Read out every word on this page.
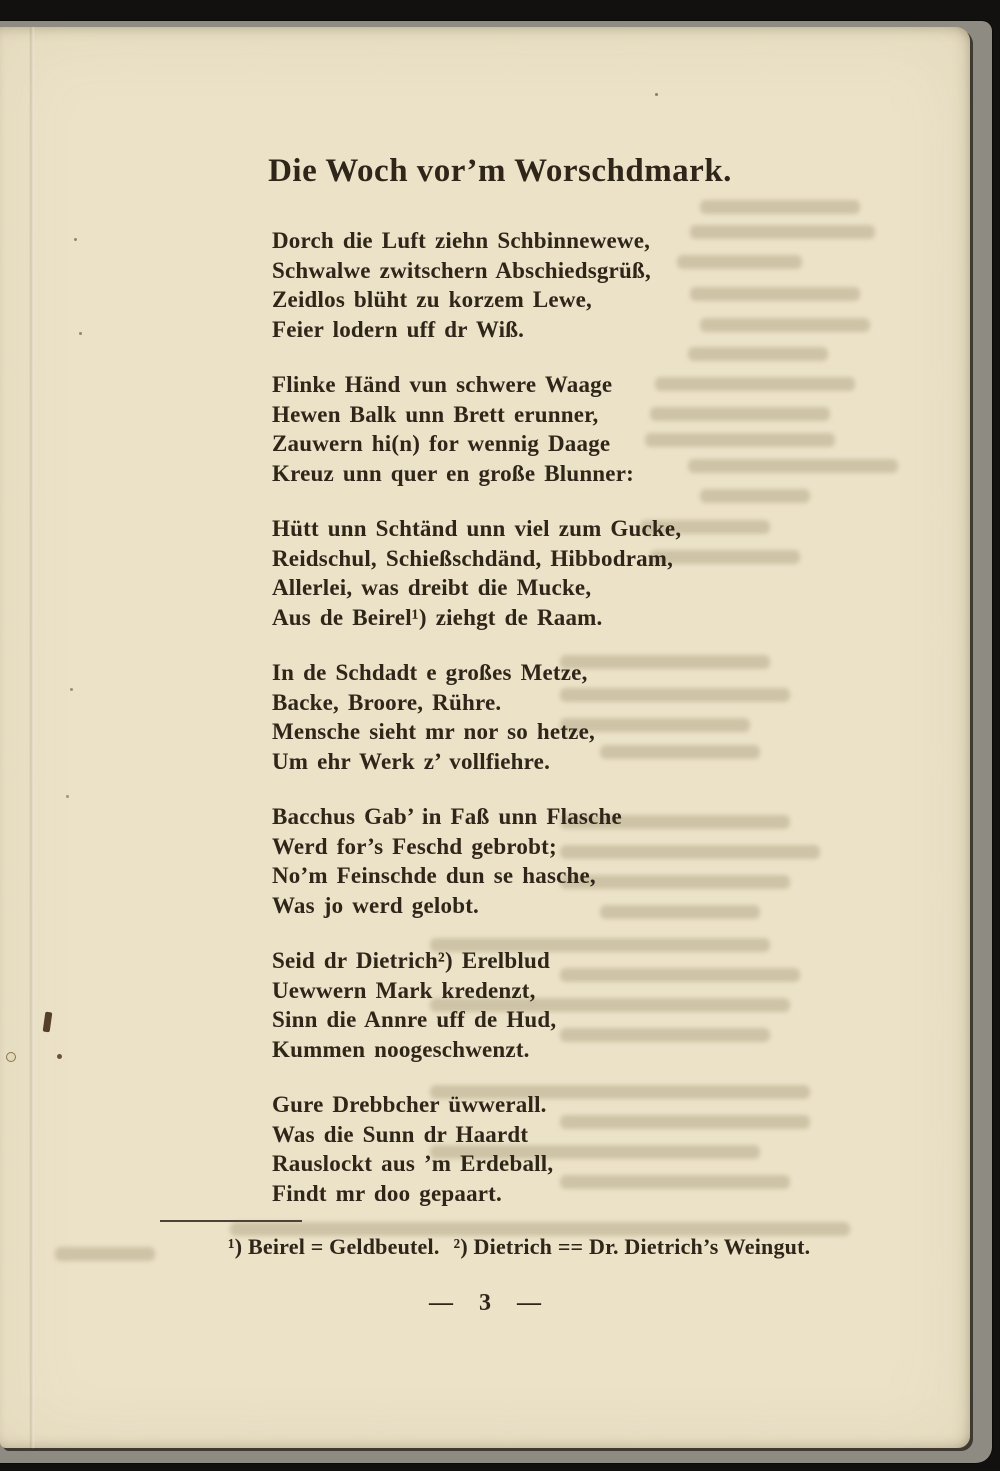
Die Woch vor’m Worschdmark.

Dorch die Luft ziehn Schbinnewewe,

Schwalwe zwitschern Abschiedsgrüß,

Zeidlos blüht zu korzem Lewe,

Feier lodern uff dr Wiß.

Flinke Händ vun schwere Waage

Hewen Balk unn Brett erunner,

Zauwern hi(n) for wennig Daage

Kreuz unn quer en große Blunner:

Hütt unn Schtänd unn viel zum Gucke,

Reidschul, Schießschdänd, Hibbodram,

Allerlei, was dreibt die Mucke,

Aus de Beirel¹) ziehgt de Raam.

In de Schdadt e großes Metze,

Backe, Broore, Rühre.

Mensche sieht mr nor so hetze,

Um ehr Werk z’ vollfiehre.

Bacchus Gab’ in Faß unn Flasche

Werd for’s Feschd gebrobt;

No’m Feinschde dun se hasche,

Was jo werd gelobt.

Seid dr Dietrich²) Erelblud

Uewwern Mark kredenzt,

Sinn die Annre uff de Hud,

Kummen noogeschwenzt.

Gure Drebbcher üwwerall.

Was die Sunn dr Haardt

Rauslockt aus ’m Erdeball,

Findt mr doo gepaart.

¹) Beirel = Geldbeutel. ²) Dietrich == Dr. Dietrich’s Weingut.
— 3 —
